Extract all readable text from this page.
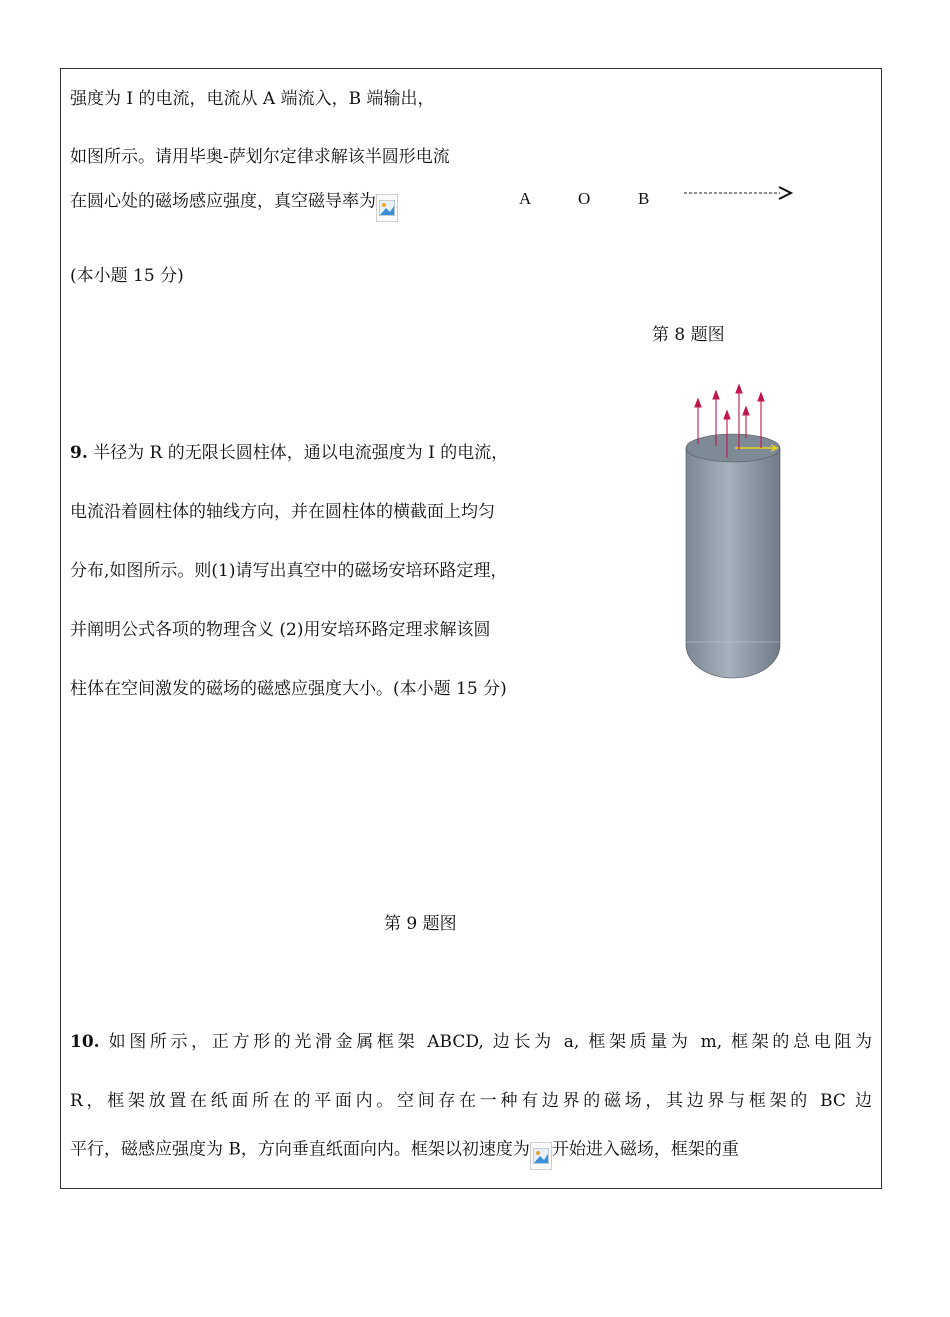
强度为 I 的电流，电流从 A 端流入，B 端输出，

如图所示。请用毕奥-萨划尔定律求解该半圆形电流

在圆心处的磁场感应强度，真空磁导率为	A	O	B

(本小题 15 分)

第 8 题图

9. 半径为 R 的无限长圆柱体，通以电流强度为 I 的电流，

电流沿着圆柱体的轴线方向，并在圆柱体的横截面上均匀

分布,如图所示。则(1)请写出真空中的磁场安培环路定理，

并阐明公式各项的物理含义 (2)用安培环路定理求解该圆

柱体在空间激发的磁场的磁感应强度大小。(本小题 15 分)

第 9 题图

10. 如图所示，正方形的光滑金属框架 ABCD, 边长为 a, 框架质量为 m, 框架的总电阻为

R，框架放置在纸面所在的平面内。空间存在一种有边界的磁场，其边界与框架的 BC 边

平行，磁感应强度为 B，方向垂直纸面向内。框架以初速度为 开始进入磁场，框架的重
